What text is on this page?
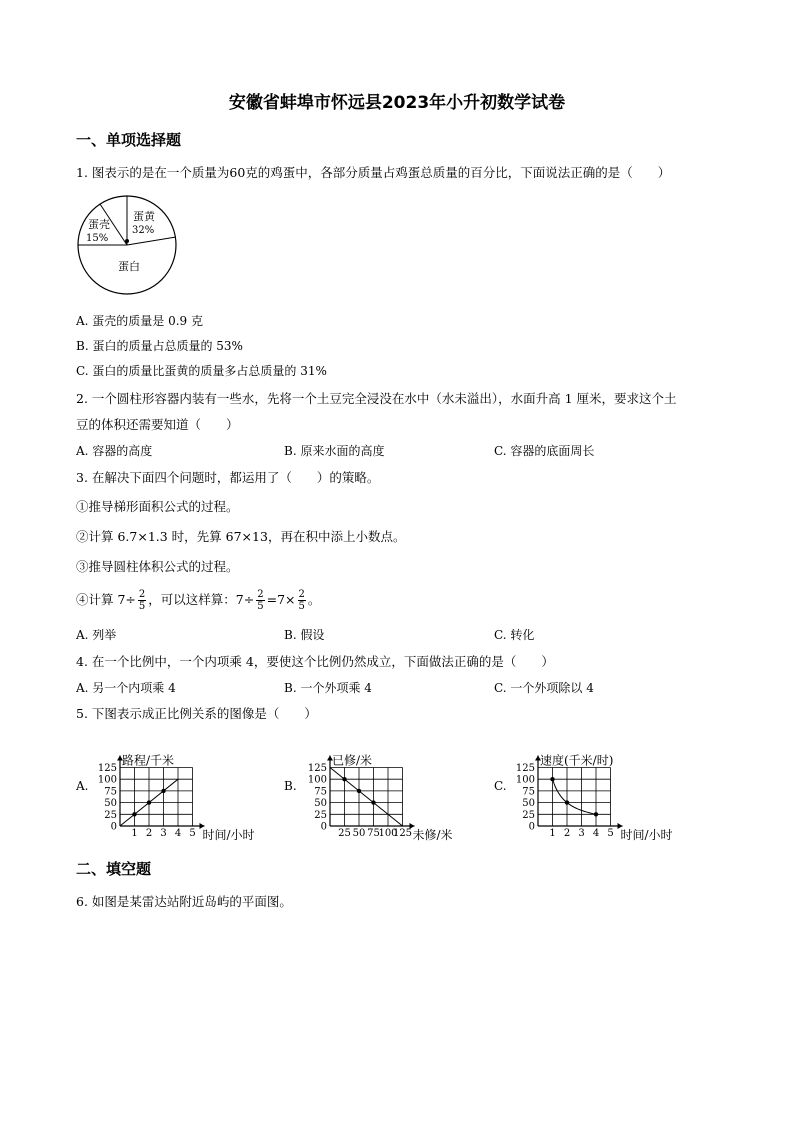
安徽省蚌埠市怀远县2023年小升初数学试卷
一、单项选择题
1. 图表示的是在一个质量为60克的鸡蛋中，各部分质量占鸡蛋总质量的百分比，下面说法正确的是（　　）
蛋壳
15%
蛋黄
32%
蛋白
A. 蛋壳的质量是 0.9 克
B. 蛋白的质量占总质量的 53%
C. 蛋白的质量比蛋黄的质量多占总质量的 31%
2. 一个圆柱形容器内装有一些水，先将一个土豆完全浸没在水中（水未溢出），水面升高 1 厘米，要求这个土
豆的体积还需要知道（　　）
A. 容器的高度	B. 原来水面的高度	C. 容器的底面周长
3. 在解决下面四个问题时，都运用了（　　）的策略。
①推导梯形面积公式的过程。
②计算 6.7×1.3 时，先算 67×13，再在积中添上小数点。
③推导圆柱体积公式的过程。
④计算 $7\div \frac{2}{5}$ ，可以这样算：$7\div \frac{2}{5} =7\times \frac{2}{5}$ 。
A. 列举	B. 假设	C. 转化
4. 在一个比例中，一个内项乘 4，要使这个比例仍然成立，下面做法正确的是（　　）
A. 另一个内项乘 4	B. 一个外项乘 4	C. 一个外项除以 4
5. 下图表示成正比例关系的图像是（　　）
A.	B.	C.
0
25
50
75
100
125
1 2 3 4 5
路程/千米
时间/小时
0
25
50
75
100
125
25 50 75
100
125
已修/米
未修/米
0
25
50
75
100
125
1 2 3 4 5
速度(千米/时)
时间/小时
二、填空题
6. 如图是某雷达站附近岛屿的平面图。
